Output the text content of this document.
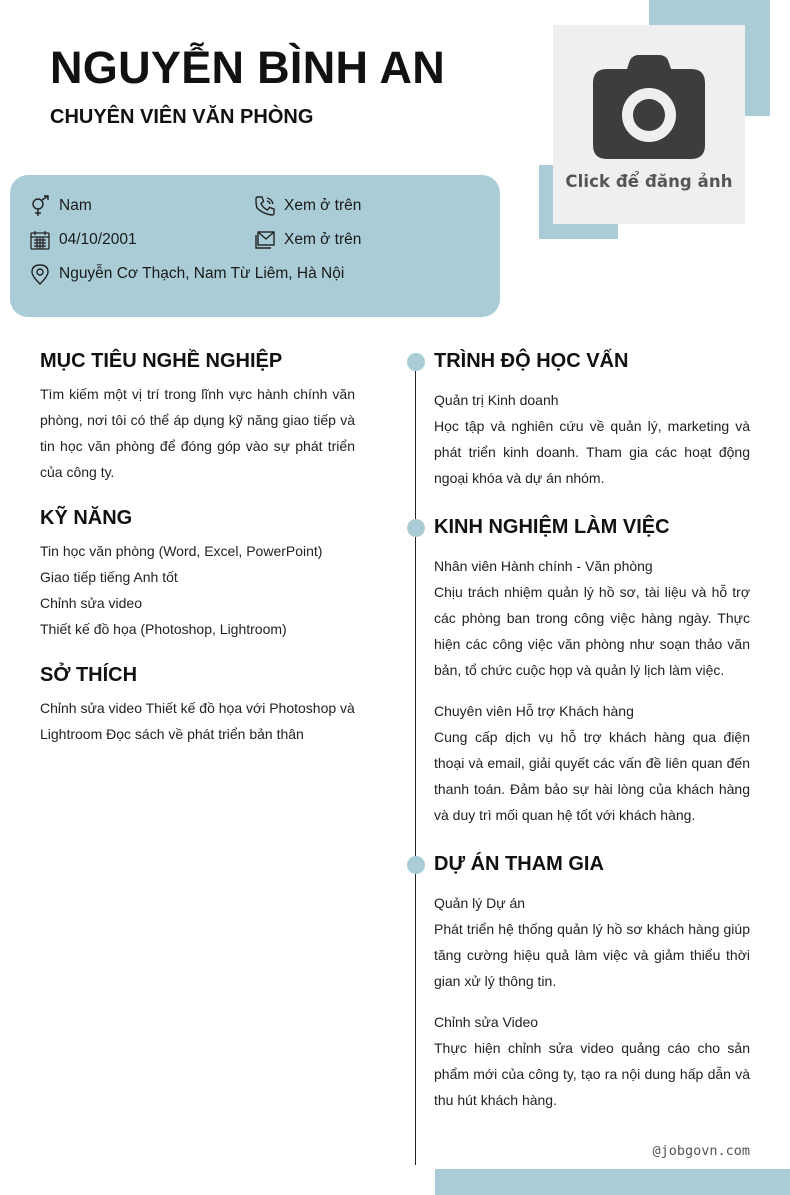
Click để đăng ảnh
NGUYỄN BÌNH AN
CHUYÊN VIÊN VĂN PHÒNG
Nam	Xem ở trên
04/10/2001	Xem ở trên
Nguyễn Cơ Thạch, Nam Từ Liêm, Hà Nội
MỤC TIÊU NGHỀ NGHIỆP
Tìm kiếm một vị trí trong lĩnh vực hành chính văn phòng, nơi tôi có thể áp dụng kỹ năng giao tiếp và tin học văn phòng để đóng góp vào sự phát triển của công ty.
KỸ NĂNG
Tin học văn phòng (Word, Excel, PowerPoint)
Giao tiếp tiếng Anh tốt
Chỉnh sửa video
Thiết kế đồ họa (Photoshop, Lightroom)
SỞ THÍCH
Chỉnh sửa video Thiết kế đồ họa với Photoshop và Lightroom Đọc sách về phát triển bản thân
TRÌNH ĐỘ HỌC VẤN
Quản trị Kinh doanh
Học tập và nghiên cứu về quản lý, marketing và phát triển kinh doanh. Tham gia các hoạt động ngoại khóa và dự án nhóm.
KINH NGHIỆM LÀM VIỆC
Nhân viên Hành chính - Văn phòng
Chịu trách nhiệm quản lý hồ sơ, tài liệu và hỗ trợ các phòng ban trong công việc hàng ngày. Thực hiện các công việc văn phòng như soạn thảo văn bản, tổ chức cuộc họp và quản lý lịch làm việc.
Chuyên viên Hỗ trợ Khách hàng
Cung cấp dịch vụ hỗ trợ khách hàng qua điện thoại và email, giải quyết các vấn đề liên quan đến thanh toán. Đảm bảo sự hài lòng của khách hàng và duy trì mối quan hệ tốt với khách hàng.
DỰ ÁN THAM GIA
Quản lý Dự án
Phát triển hệ thống quản lý hồ sơ khách hàng giúp tăng cường hiệu quả làm việc và giảm thiểu thời gian xử lý thông tin.
Chỉnh sửa Video
Thực hiện chỉnh sửa video quảng cáo cho sản phẩm mới của công ty, tạo ra nội dung hấp dẫn và thu hút khách hàng.
@jobgovn.com
